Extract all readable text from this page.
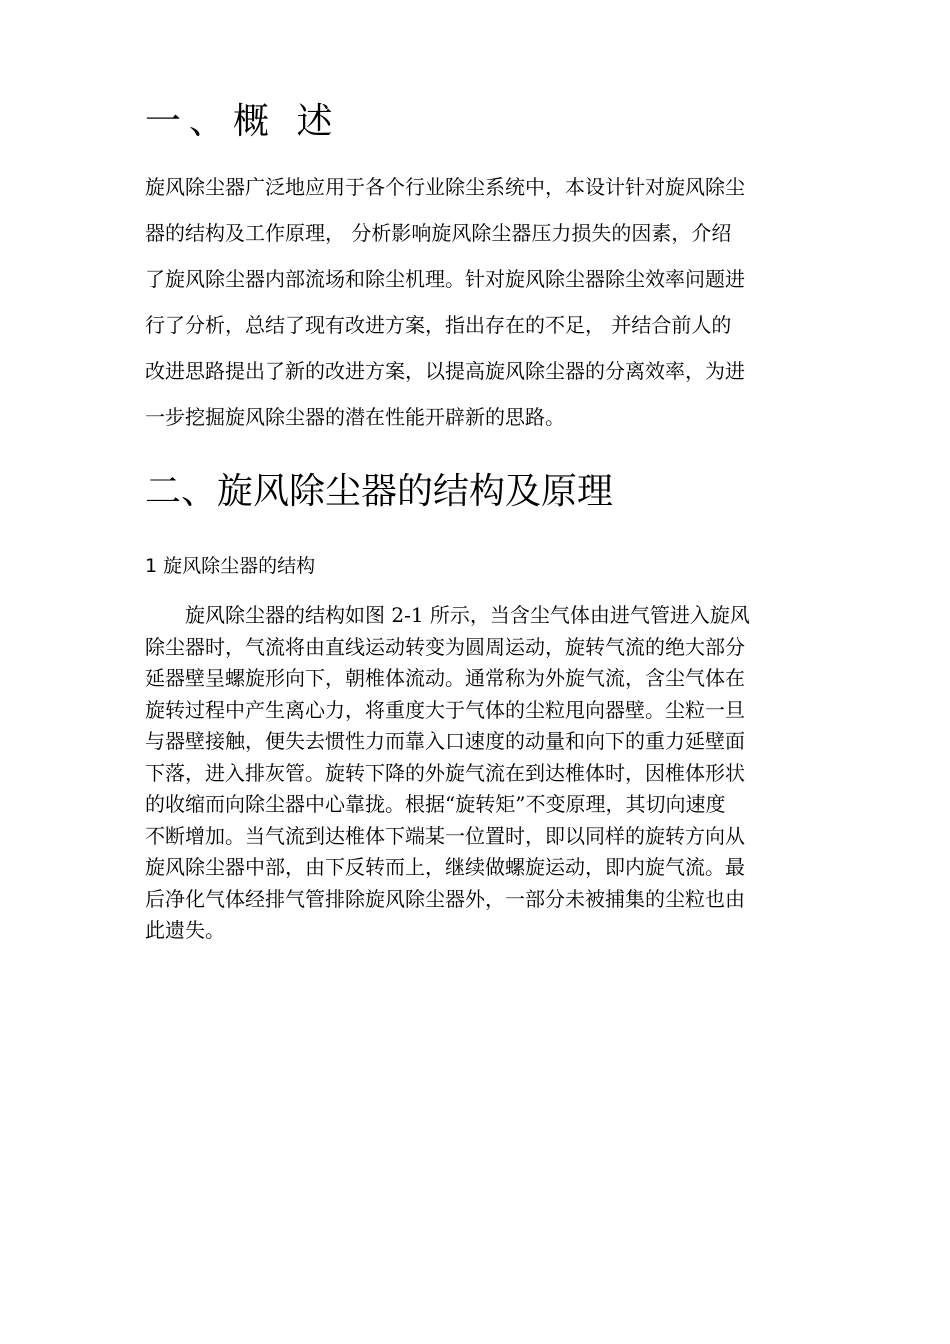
一、概 述
旋风除尘器广泛地应用于各个行业除尘系统中，本设计针对旋风除尘
器的结构及工作原理， 分析影响旋风除尘器压力损失的因素，介绍
了旋风除尘器内部流场和除尘机理。针对旋风除尘器除尘效率问题进
行了分析，总结了现有改进方案，指出存在的不足， 并结合前人的
改进思路提出了新的改进方案，以提高旋风除尘器的分离效率，为进
一步挖掘旋风除尘器的潜在性能开辟新的思路。
二、旋风除尘器的结构及原理
1 旋风除尘器的结构
　　旋风除尘器的结构如图 2-1 所示，当含尘气体由进气管进入旋风
除尘器时，气流将由直线运动转变为圆周运动，旋转气流的绝大部分
延器壁呈螺旋形向下，朝椎体流动。通常称为外旋气流，含尘气体在
旋转过程中产生离心力，将重度大于气体的尘粒甩向器壁。尘粒一旦
与器壁接触，便失去惯性力而靠入口速度的动量和向下的重力延壁面
下落，进入排灰管。旋转下降的外旋气流在到达椎体时，因椎体形状
的收缩而向除尘器中心靠拢。根据“旋转矩”不变原理，其切向速度
不断增加。当气流到达椎体下端某一位置时，即以同样的旋转方向从
旋风除尘器中部，由下反转而上，继续做螺旋运动，即内旋气流。最
后净化气体经排气管排除旋风除尘器外，一部分未被捕集的尘粒也由
此遗失。
